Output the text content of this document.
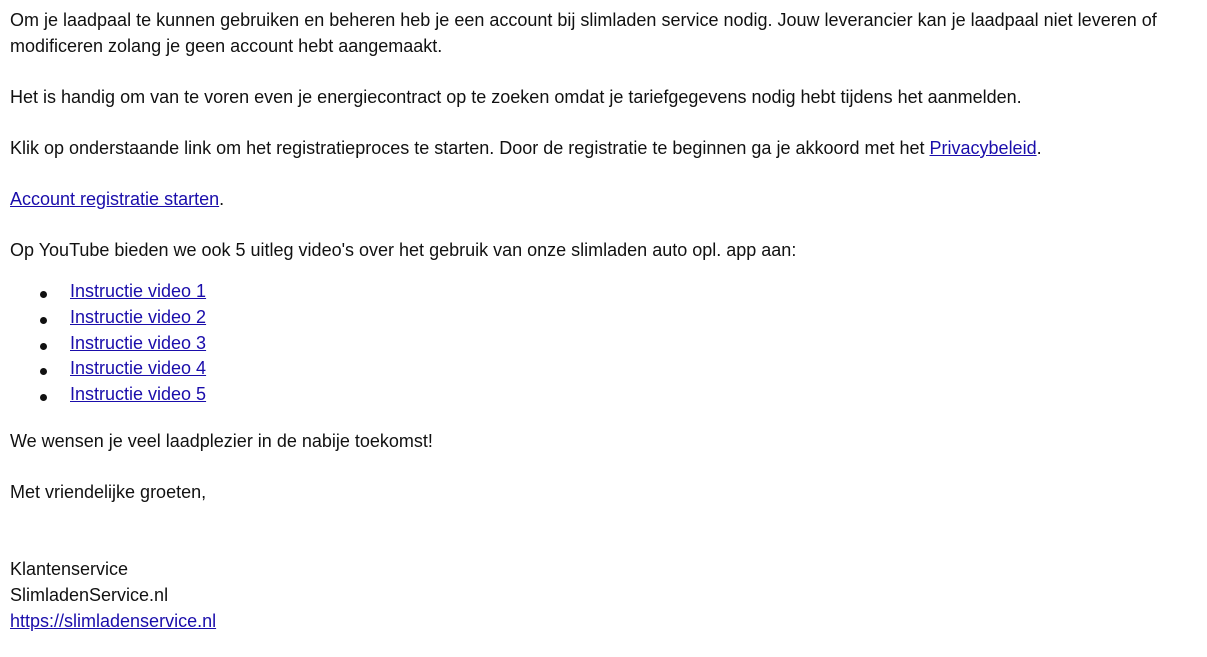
Om je laadpaal te kunnen gebruiken en beheren heb je een account bij slimladen service nodig. Jouw leverancier kan je laadpaal niet leveren of modificeren zolang je geen account hebt aangemaakt.

Het is handig om van te voren even je energiecontract op te zoeken omdat je tariefgegevens nodig hebt tijdens het aanmelden.

Klik op onderstaande link om het registratieproces te starten. Door de registratie te beginnen ga je akkoord met het Privacybeleid.

Account registratie starten.

Op YouTube bieden we ook 5 uitleg video's over het gebruik van onze slimladen auto opl. app aan:

Instructie video 1
Instructie video 2
Instructie video 3
Instructie video 4
Instructie video 5

We wensen je veel laadplezier in de nabije toekomst!

Met vriendelijke groeten,

Klantenservice

SlimladenService.nl

https://slimladenservice.nl
